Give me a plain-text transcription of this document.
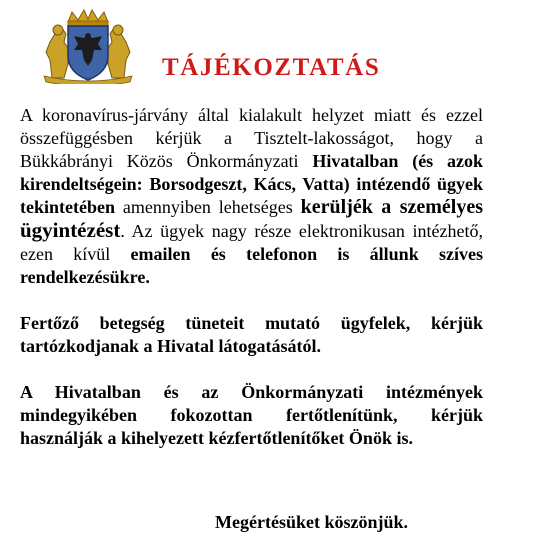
TÁJÉKOZTATÁS

A koronavírus-járvány által kialakult helyzet miatt és ezzel összefüggésben kérjük a Tisztelt-lakosságot, hogy a Bükkábrányi Közös Önkormányzati Hivatalban (és azok kirendeltségein: Borsodgeszt, Kács, Vatta) intézendő ügyek tekintetében amennyiben lehetséges kerüljék a személyes ügyintézést. Az ügyek nagy része elektronikusan intézhető, ezen kívül emailen és telefonon is állunk szíves rendelkezésükre.

Fertőző betegség tüneteit mutató ügyfelek, kérjük tartózkodjanak a Hivatal látogatásától.

A Hivatalban és az Önkormányzati intézmények mindegyikében fokozottan fertőtlenítünk, kérjük használják a kihelyezett kézfertőtlenítőket Önök is.

Megértésüket köszönjük.
